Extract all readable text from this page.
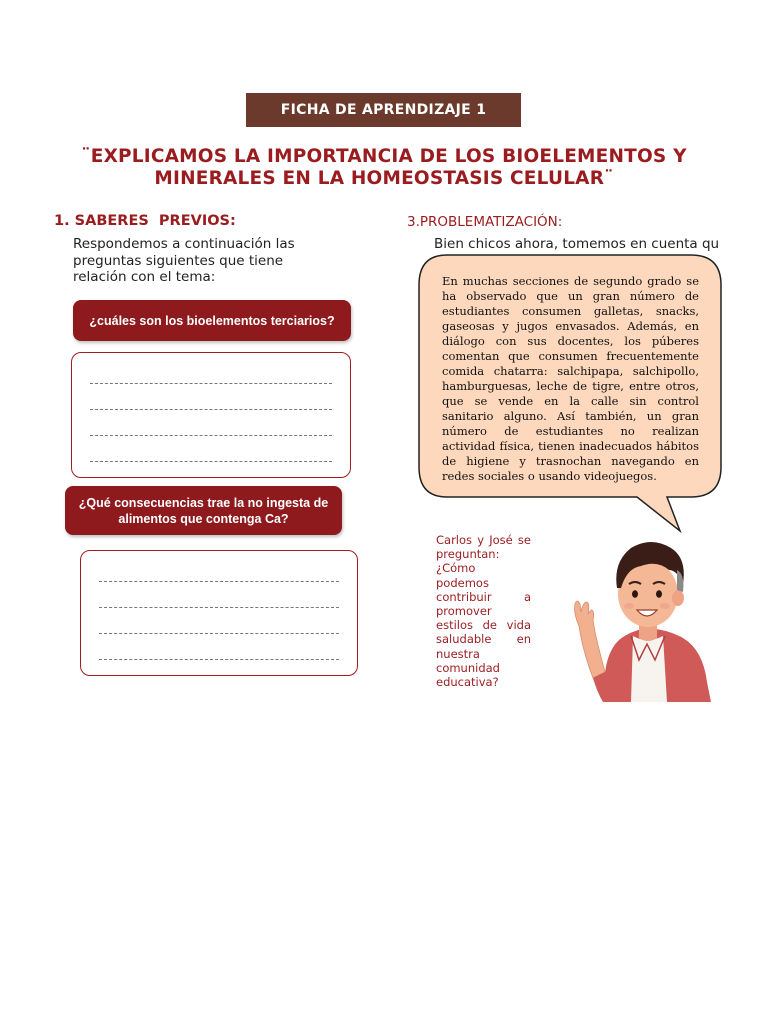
FICHA DE APRENDIZAJE 1
¨EXPLICAMOS LA IMPORTANCIA DE LOS BIOELEMENTOS Y
MINERALES EN LA HOMEOSTASIS CELULAR¨
1. SABERES  PREVIOS:
Respondemos a continuación las preguntas siguientes que tiene relación con el tema:
¿cuáles son los bioelementos terciarios?
¿Qué consecuencias trae la no ingesta de alimentos que contenga Ca?
3.PROBLEMATIZACIÓN:
Bien chicos ahora, tomemos en cuenta qu
En muchas secciones de segundo grado se ha observado que un gran número de estudiantes consumen galletas, snacks, gaseosas y jugos envasados. Además, en diálogo con sus docentes, los púberes comentan que consumen frecuentemente comida chatarra: salchipapa, salchipollo, hamburguesas, leche de tigre, entre otros, que se vende en la calle sin control sanitario alguno. Así también, un gran número de estudiantes no realizan actividad física, tienen inadecuados hábitos de higiene y trasnochan navegando en redes sociales o usando videojuegos.
Carlos y José se preguntan: ¿Cómo podemos contribuir a promover estilos de vida saludable en nuestra comunidad educativa?
